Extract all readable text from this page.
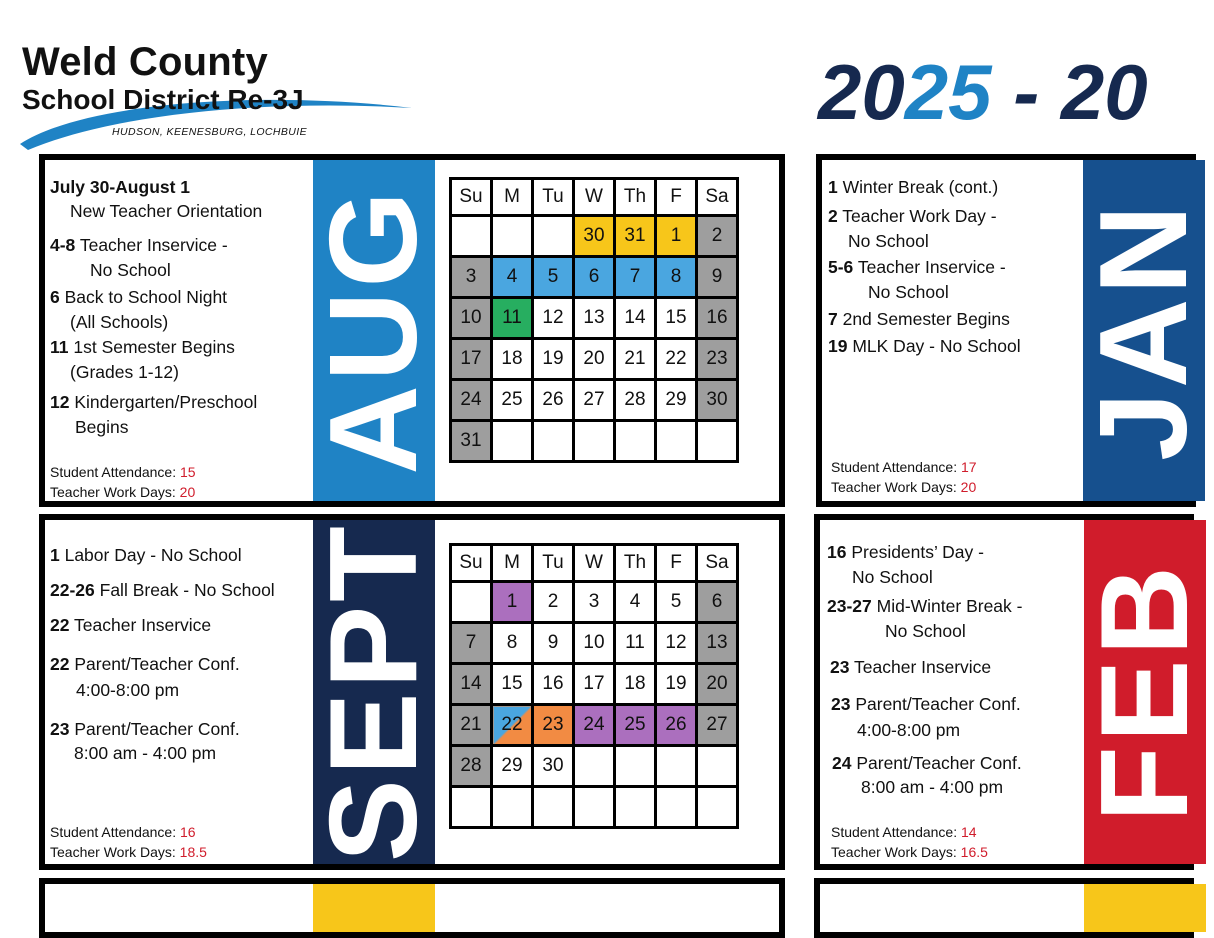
Weld County
School District Re-3J
HUDSON, KEENESBURG, LOCHBUIE	2025 - 20
AUG
July 30-August 1
New Teacher Orientation
4-8 Teacher Inservice -
No School
6 Back to School Night
(All Schools)
11 1st Semester Begins
(Grades 1-12)
12 Kindergarten/Preschool
Begins
Student Attendance: 15
Teacher Work Days: 20
Su	M	Tu	W	Th	F	Sa
			30	31	1	2
3	4	5	6	7	8	9
10	11	12	13	14	15	16
17	18	19	20	21	22	23
24	25	26	27	28	29	30
31						
SEPT
1 Labor Day - No School
22-26 Fall Break - No School
22 Teacher Inservice
22 Parent/Teacher Conf.
4:00-8:00 pm
23 Parent/Teacher Conf.
8:00 am - 4:00 pm
Student Attendance: 16
Teacher Work Days: 18.5
Su	M	Tu	W	Th	F	Sa
	1	2	3	4	5	6
7	8	9	10	11	12	13
14	15	16	17	18	19	20
21	22	23	24	25	26	27
28	29	30				

JAN
1 Winter Break (cont.)
2 Teacher Work Day -
No School
5-6 Teacher Inservice -
No School
7 2nd Semester Begins
19 MLK Day - No School
Student Attendance: 17
Teacher Work Days: 20
FEB
16 Presidents’ Day -
No School
23-27 Mid-Winter Break -
No School
23 Teacher Inservice
23 Parent/Teacher Conf.
4:00-8:00 pm
24 Parent/Teacher Conf.
8:00 am - 4:00 pm
Student Attendance: 14
Teacher Work Days: 16.5
